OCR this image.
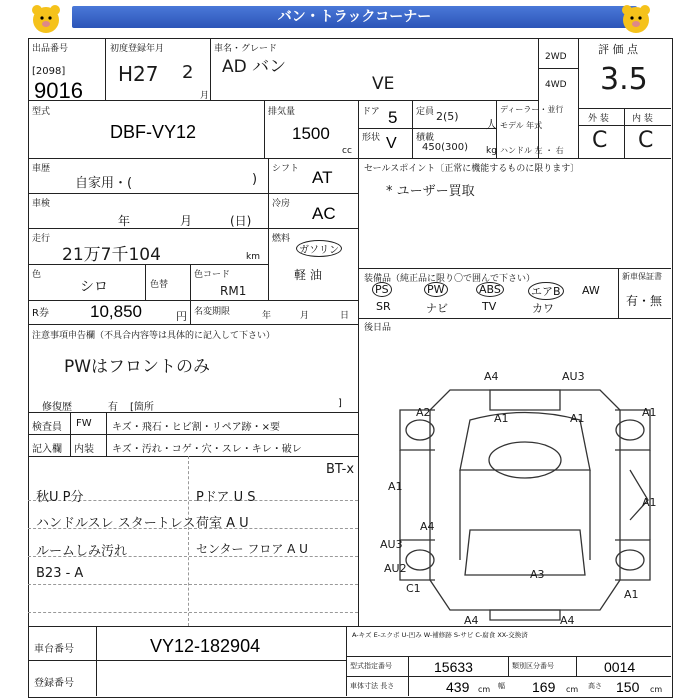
バン・トラックコーナー
出品番号
[2098]
9016
初度登録年月
H27 2
月
車名・グレード
AD バン
VE
2WD
4WD
評 価 点
3.5
型式
DBF-VY12
排気量
1500
cc
ドア 5 定員 2(5)
人
形状 V 積載
450(300) kg
ディーラー・並行
モデル 年式
ハンドル 左 ・ 右
外 装	内 装
C C
車歴
自家用・(	)
シフト AT
車検
年	月	(日)
冷房 AC
走行
21万7千104	km
燃料
ガソリン
軽 油
色
シロ	色替
色コード
RM1
R券 10,850	円 名変期限	年	月	日
セールスポイント〔正常に機能するものに限ります〕
* ユーザー買取
装備品（純正品に限り〇で囲んで下さい）
PS	PW	ABS	エアB AW
SR	ナビ	TV	カワ
新車保証書
有・無
後日品
注意事項申告欄（不具合内容等は具体的に記入して下さい）
PWはフロントのみ
修復歴	有 [箇所	]
検査員
記入欄
FW キズ・飛石・ヒビ割・リペア跡・×要
内装 キズ・汚れ・コゲ・穴・スレ・キレ・破レ
秋U P分
ハンドルスレ スタートレス
ルームしみ汚れ
B23 - A
Pドア U S
荷室 A U
センター フロア A U
BT-x
A4	AU3
A2	A1	A1	A1
A1
A1
A4
AU3
AU2
C1
A3
A1
A4	A4
車台番号	VY12-182904
登録番号
A-キズ E-エクボ U-凹み W-補修跡 S-サビ C-腐食 XX-交換済
型式指定番号	15633	類別区分番号	0014
車体寸法 長さ	439 cm 幅 169 cm 高さ 150 cm
